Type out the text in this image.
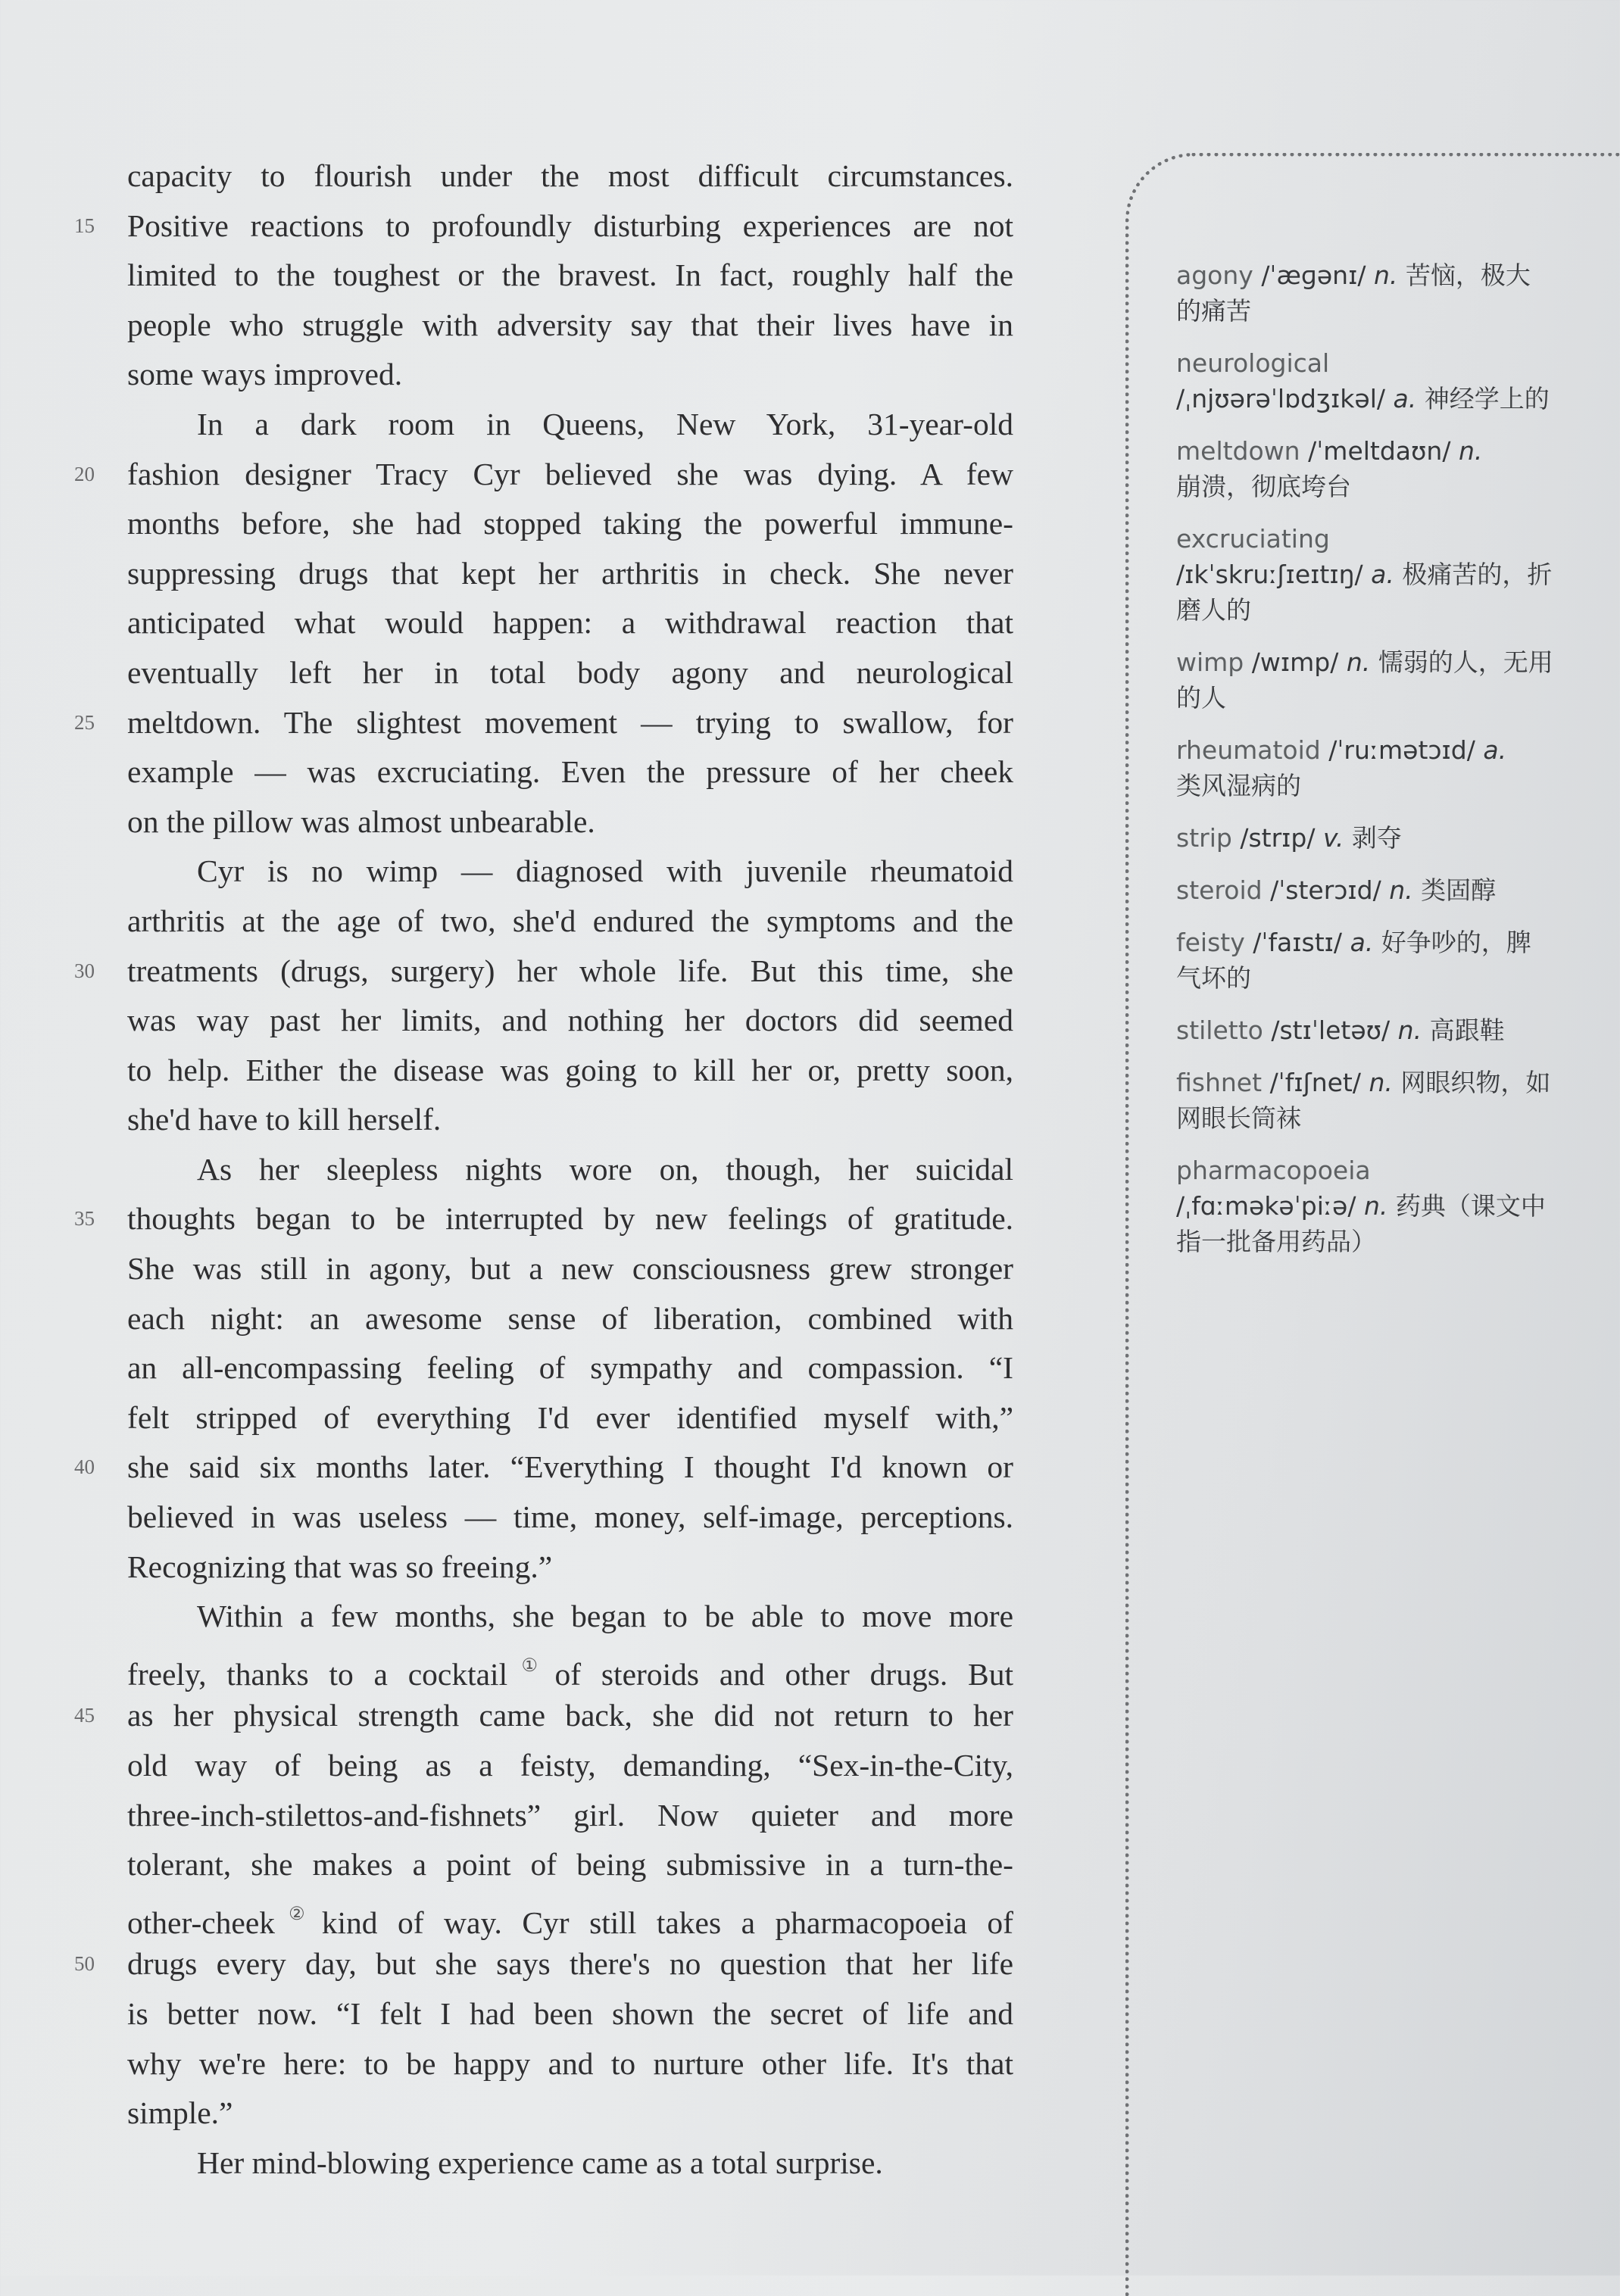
capacity to flourish under the most difficult circumstances.
15	Positive reactions to profoundly disturbing experiences are not
limited to the toughest or the bravest. In fact, roughly half the
people who struggle with adversity say that their lives have in
some ways improved.
In a dark room in Queens, New York, 31-year-old
20	fashion designer Tracy Cyr believed she was dying. A few
months before, she had stopped taking the powerful immune-
suppressing drugs that kept her arthritis in check. She never
anticipated what would happen: a withdrawal reaction that
eventually left her in total body agony and neurological
25	meltdown. The slightest movement — trying to swallow, for
example — was excruciating. Even the pressure of her cheek
on the pillow was almost unbearable.
Cyr is no wimp — diagnosed with juvenile rheumatoid
arthritis at the age of two, she'd endured the symptoms and the
30	treatments (drugs, surgery) her whole life. But this time, she
was way past her limits, and nothing her doctors did seemed
to help. Either the disease was going to kill her or, pretty soon,
she'd have to kill herself.
As her sleepless nights wore on, though, her suicidal
35	thoughts began to be interrupted by new feelings of gratitude.
She was still in agony, but a new consciousness grew stronger
each night: an awesome sense of liberation, combined with
an all-encompassing feeling of sympathy and compassion. “I
felt stripped of everything I'd ever identified myself with,”
40	she said six months later. “Everything I thought I'd known or
believed in was useless — time, money, self-image, perceptions.
Recognizing that was so freeing.”
Within a few months, she began to be able to move more
freely, thanks to a cocktail① of steroids and other drugs. But
45	as her physical strength came back, she did not return to her
old way of being as a feisty, demanding, “Sex-in-the-City,
three-inch-stilettos-and-fishnets” girl. Now quieter and more
tolerant, she makes a point of being submissive in a turn-the-
other-cheek② kind of way. Cyr still takes a pharmacopoeia of
50	drugs every day, but she says there's no question that her life
is better now. “I felt I had been shown the secret of life and
why we're here: to be happy and to nurture other life. It's that
simple.”
Her mind-blowing experience came as a total surprise.
agony /ˈæɡənɪ/ n. 苦恼，极大的痛苦
neurological
/ˌnjʊərəˈlɒdʒɪkəl/ a. 神经学上的
meltdown /ˈmeltdaʊn/ n.
崩溃，彻底垮台
excruciating
/ɪkˈskruːʃɪeɪtɪŋ/ a. 极痛苦的，折磨人的
wimp /wɪmp/ n. 懦弱的人，无用的人
rheumatoid /ˈruːmətɔɪd/ a.
类风湿病的
strip /strɪp/ v. 剥夺
steroid /ˈsterɔɪd/ n. 类固醇
feisty /ˈfaɪstɪ/ a. 好争吵的，脾气坏的
stiletto /stɪˈletəʊ/ n. 高跟鞋
fishnet /ˈfɪʃnet/ n. 网眼织物，如网眼长筒袜
pharmacopoeia
/ˌfɑːməkəˈpiːə/ n. 药典（课文中指一批备用药品）
